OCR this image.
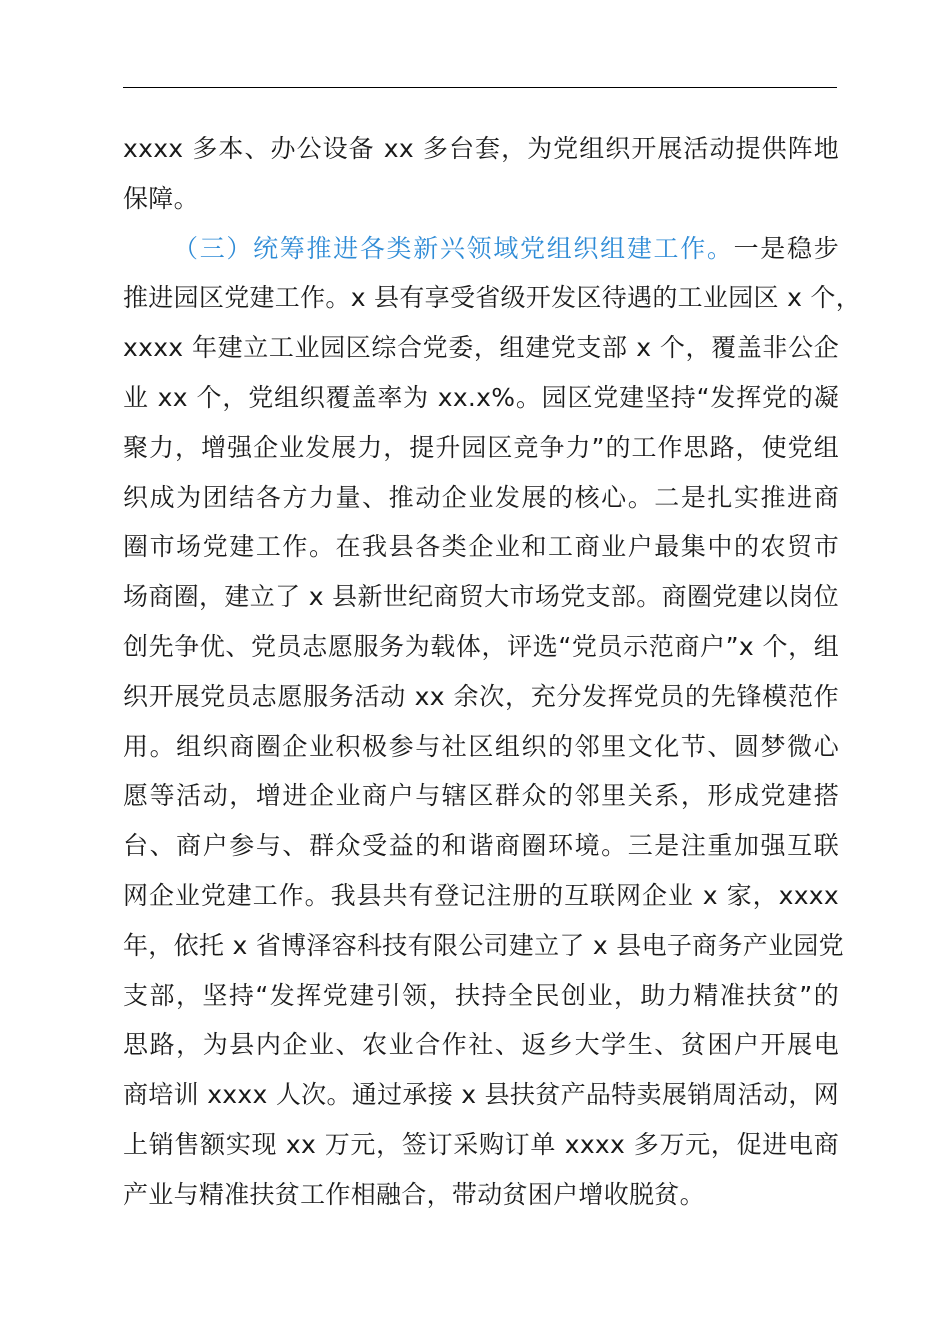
xxxx 多本、办公设备 xx 多台套，为党组织开展活动提供阵地
保障。
（三）统筹推进各类新兴领域党组织组建工作。一是稳步
推进园区党建工作。x 县有享受省级开发区待遇的工业园区 x 个，
xxxx 年建立工业园区综合党委，组建党支部 x 个，覆盖非公企
业 xx 个，党组织覆盖率为 xx.x%。园区党建坚持“发挥党的凝
聚力，增强企业发展力，提升园区竞争力”的工作思路，使党组
织成为团结各方力量、推动企业发展的核心。二是扎实推进商
圈市场党建工作。在我县各类企业和工商业户最集中的农贸市
场商圈，建立了 x 县新世纪商贸大市场党支部。商圈党建以岗位
创先争优、党员志愿服务为载体，评选“党员示范商户”x 个，组
织开展党员志愿服务活动 xx 余次，充分发挥党员的先锋模范作
用。组织商圈企业积极参与社区组织的邻里文化节、圆梦微心
愿等活动，增进企业商户与辖区群众的邻里关系，形成党建搭
台、商户参与、群众受益的和谐商圈环境。三是注重加强互联
网企业党建工作。我县共有登记注册的互联网企业 x 家，xxxx
年，依托 x 省博泽容科技有限公司建立了 x 县电子商务产业园党
支部，坚持“发挥党建引领，扶持全民创业，助力精准扶贫”的
思路，为县内企业、农业合作社、返乡大学生、贫困户开展电
商培训 xxxx 人次。通过承接 x 县扶贫产品特卖展销周活动，网
上销售额实现 xx 万元，签订采购订单 xxxx 多万元，促进电商
产业与精准扶贫工作相融合，带动贫困户增收脱贫。
